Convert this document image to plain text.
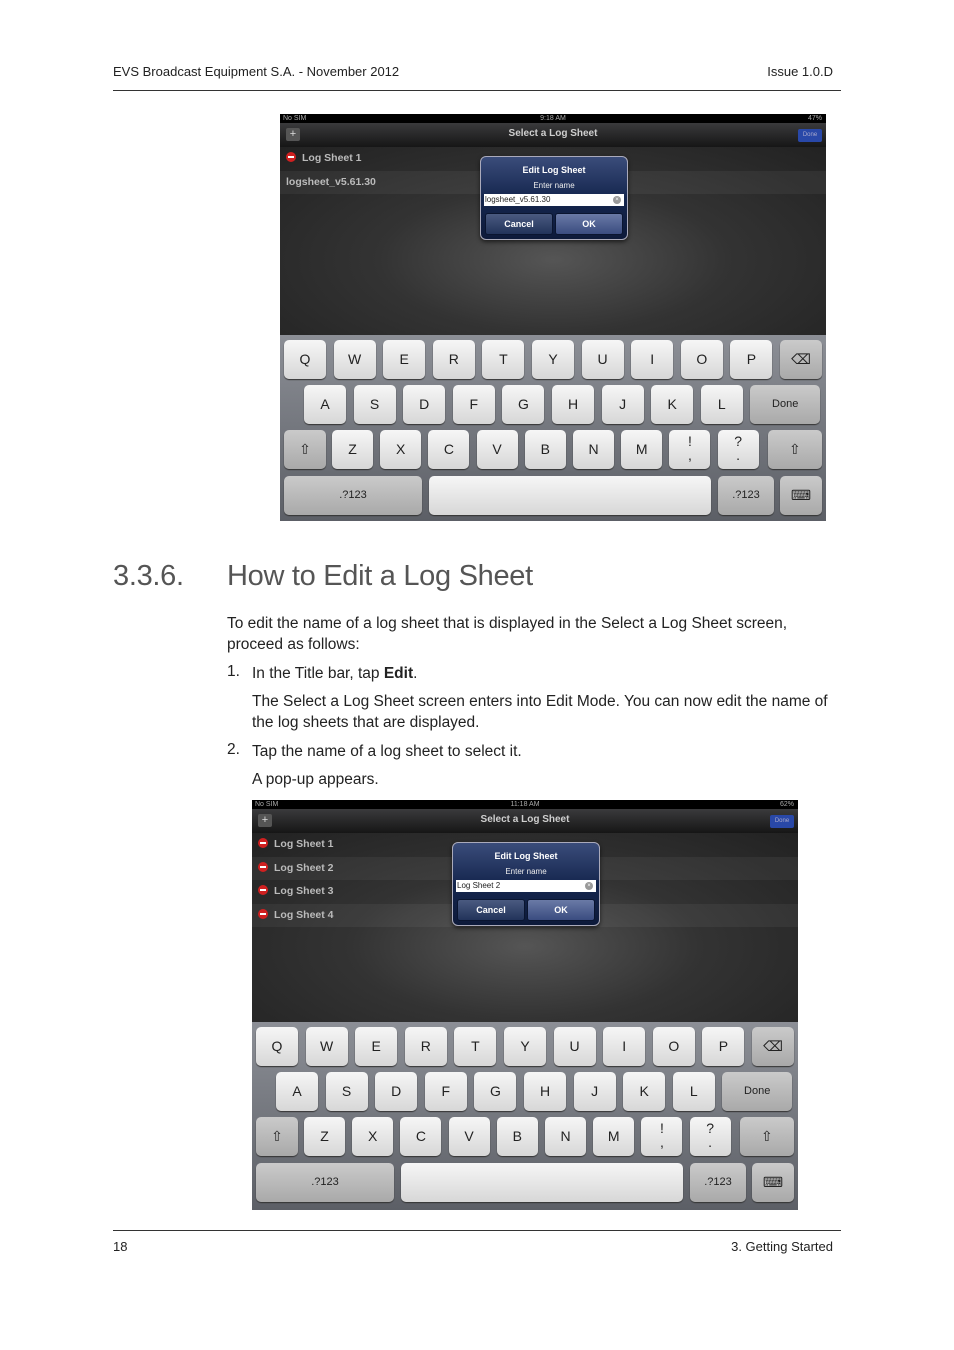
EVS Broadcast Equipment S.A. - November 2012	Issue 1.0.D
No SIM	9:18 AM	47%
+	Select a Log Sheet	Done
Log Sheet 1
logsheet_v5.61.30
Edit Log Sheet
Enter name
logsheet_v5.61.30	×
Cancel	OK
Q	W	E	R	T	Y	U	I	O	P	⌫
A	S	D	F	G	H	J	K	L	Done
⇧	Z	X	C	V	B	N	M	!
,
?
.	⇧
.?123	.?123	⌨
3.3.6. How to Edit a Log Sheet
To edit the name of a log sheet that is displayed in the Select a Log Sheet screen, proceed as follows:
1. In the Title bar, tap Edit.
The Select a Log Sheet screen enters into Edit Mode. You can now edit the name of the log sheets that are displayed.
2. Tap the name of a log sheet to select it.
A pop-up appears.
No SIM	11:18 AM	62%
+	Select a Log Sheet	Done
Log Sheet 1
Log Sheet 2
Log Sheet 3
Log Sheet 4
Edit Log Sheet
Enter name
Log Sheet 2	×
Cancel	OK
Q	W	E	R	T	Y	U	I	O	P	⌫
A	S	D	F	G	H	J	K	L	Done
⇧	Z	X	C	V	B	N	M	!
,
?
.	⇧
.?123	.?123	⌨
18	3. Getting Started
